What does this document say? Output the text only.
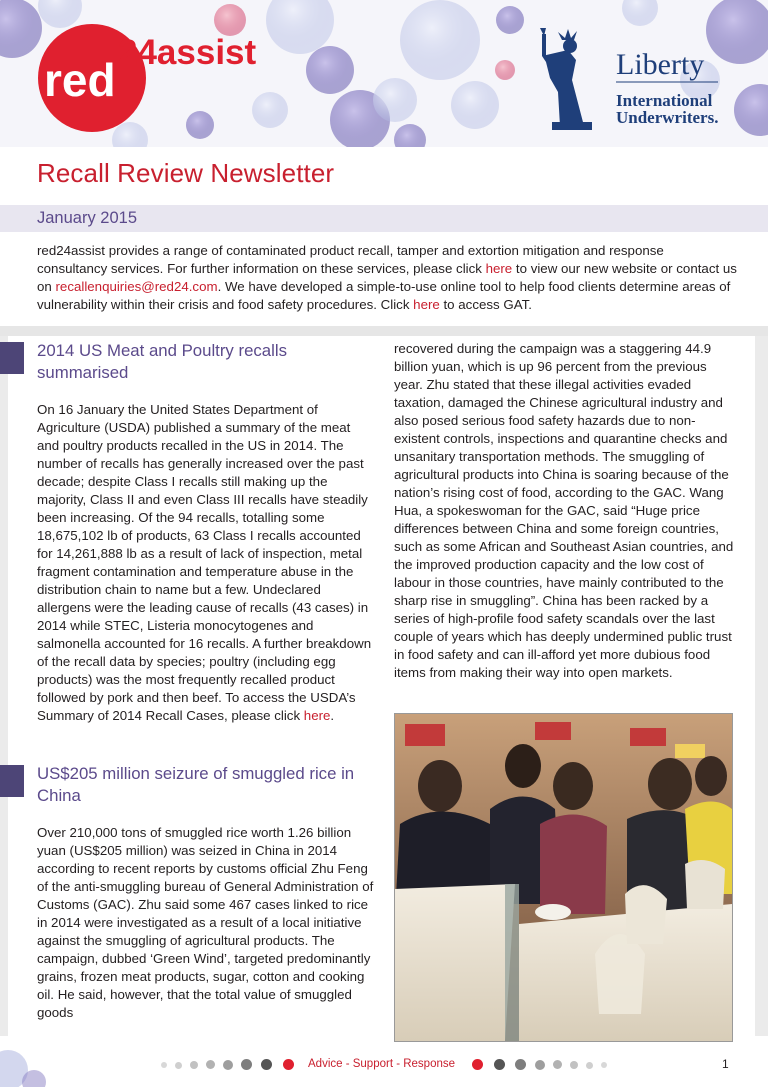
red
24assist	Liberty
International
Underwriters.
Recall Review Newsletter
January 2015

red24assist provides a range of contaminated product recall, tamper and extortion mitigation and response consultancy services. For further information on these services, please click here to view our new website or contact us on recallenquiries@red24.com. We have developed a simple-to-use online tool to help food clients determine areas of vulnerability within their crisis and food safety procedures. Click here to access GAT.

2014 US Meat and Poultry recalls summarised

On 16 January the United States Department of Agriculture (USDA) published a summary of the meat and poultry products recalled in the US in 2014. The number of recalls has generally increased over the past decade; despite Class I recalls still making up the majority, Class II and even Class III recalls have steadily been increasing. Of the 94 recalls, totalling some 18,675,102 lb of products, 63 Class I recalls accounted for 14,261,888 lb as a result of lack of inspection, metal fragment contamination and temperature abuse in the distribution chain to name but a few. Undeclared allergens were the leading cause of recalls (43 cases) in 2014 while STEC, Listeria monocytogenes and salmonella accounted for 16 recalls. A further breakdown of the recall data by species; poultry (including egg products) was the most frequently recalled product followed by pork and then beef. To access the USDA’s Summary of 2014 Recall Cases, please click here.

US$205 million seizure of smuggled rice in China

Over 210,000 tons of smuggled rice worth 1.26 billion yuan (US$205 million) was seized in China in 2014 according to recent reports by customs official Zhu Feng of the anti-smuggling bureau of General Administration of Customs (GAC). Zhu said some 467 cases linked to rice in 2014 were investigated as a result of a local initiative against the smuggling of agricultural products. The campaign, dubbed ‘Green Wind’, targeted predominantly grains, frozen meat products, sugar, cotton and cooking oil. He said, however, that the total value of smuggled goods

recovered during the campaign was a staggering 44.9 billion yuan, which is up 96 percent from the previous year. Zhu stated that these illegal activities evaded taxation, damaged the Chinese agricultural industry and also posed serious food safety hazards due to non-existent controls, inspections and quarantine checks and unsanitary transportation methods. The smuggling of agricultural products into China is soaring because of the nation’s rising cost of food, according to the GAC. Wang Hua, a spokeswoman for the GAC, said “Huge price differences between China and some foreign countries, such as some African and Southeast Asian countries, and the improved production capacity and the low cost of labour in those countries, have mainly contributed to the sharp rise in smuggling”. China has been racked by a series of high-profile food safety scandals over the last couple of years which has deeply undermined public trust in food safety and can ill-afford yet more dubious food items from making their way into open markets.

Advice - Support - Response	1
